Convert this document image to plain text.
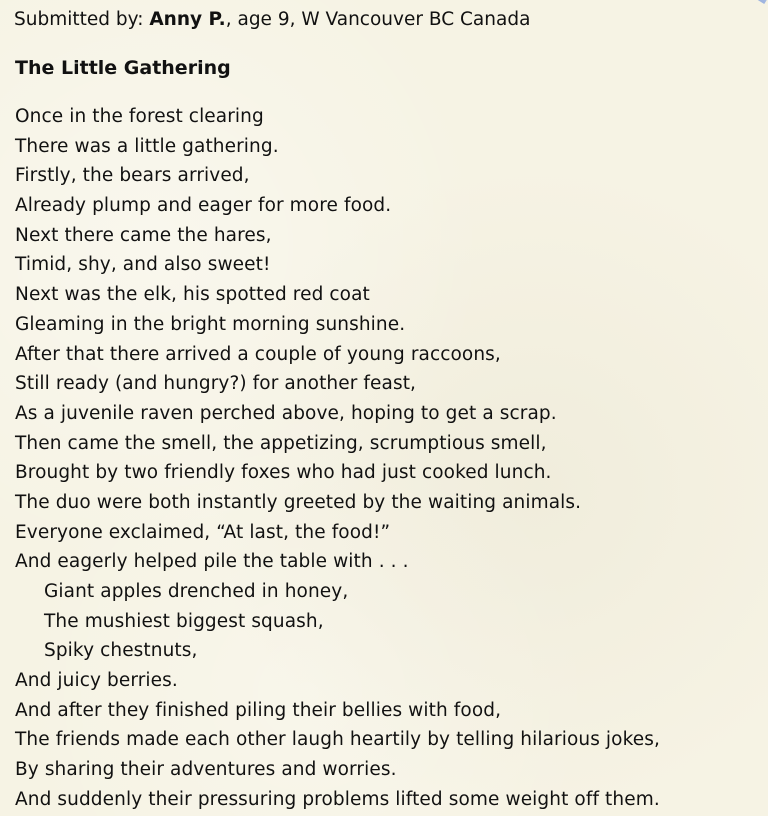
Submitted by: Anny P., age 9, W Vancouver BC Canada
The Little Gathering
Once in the forest clearing
There was a little gathering.
Firstly, the bears arrived,
Already plump and eager for more food.
Next there came the hares,
Timid, shy, and also sweet!
Next was the elk, his spotted red coat
Gleaming in the bright morning sunshine.
After that there arrived a couple of young raccoons,
Still ready (and hungry?) for another feast,
As a juvenile raven perched above, hoping to get a scrap.
Then came the smell, the appetizing, scrumptious smell,
Brought by two friendly foxes who had just cooked lunch.
The duo were both instantly greeted by the waiting animals.
Everyone exclaimed, “At last, the food!”
And eagerly helped pile the table with . . .
Giant apples drenched in honey,
The mushiest biggest squash,
Spiky chestnuts,
And juicy berries.
And after they finished piling their bellies with food,
The friends made each other laugh heartily by telling hilarious jokes,
By sharing their adventures and worries.
And suddenly their pressuring problems lifted some weight off them.
